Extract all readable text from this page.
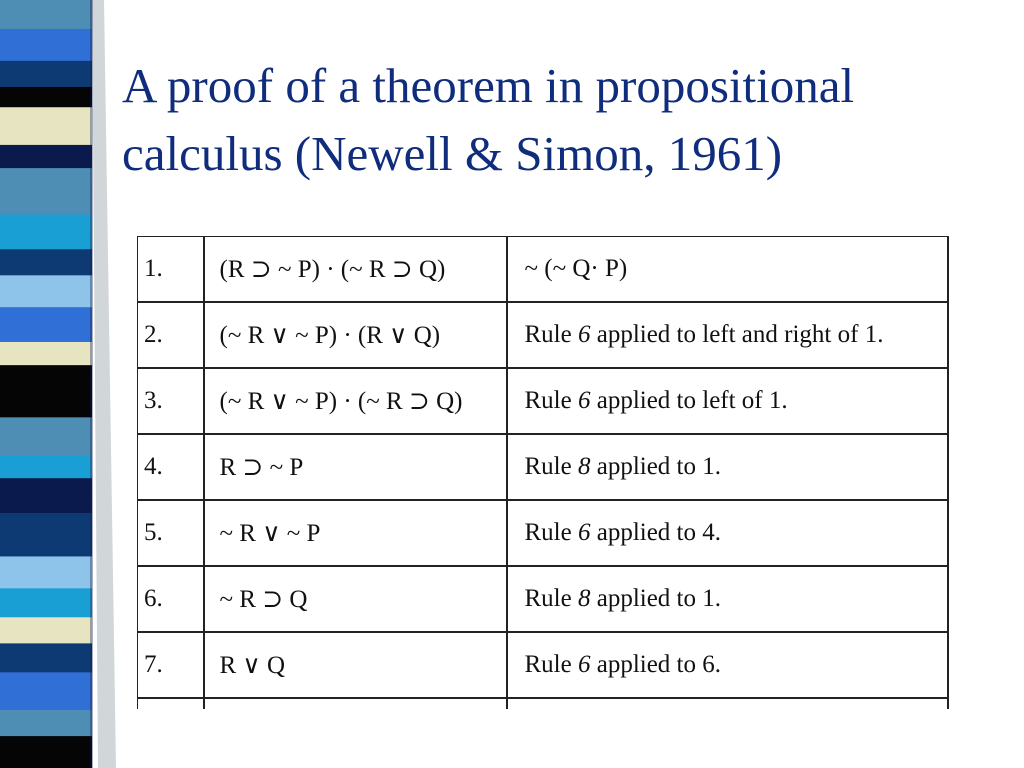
A proof of a theorem in propositional
calculus (Newell & Simon, 1961)
1.	(R ⊃ ~ P) · (~ R ⊃ Q)	~ (~ Q· P)
2.	(~ R ∨ ~ P) · (R ∨ Q)	Rule 6 applied to left and right of 1.
3.	(~ R ∨ ~ P) · (~ R ⊃ Q)	Rule 6 applied to left of 1.
4.	R ⊃ ~ P	Rule 8 applied to 1.
5.	~ R ∨ ~ P	Rule 6 applied to 4.
6.	~ R ⊃ Q	Rule 8 applied to 1.
7.	R ∨ Q	Rule 6 applied to 6.
